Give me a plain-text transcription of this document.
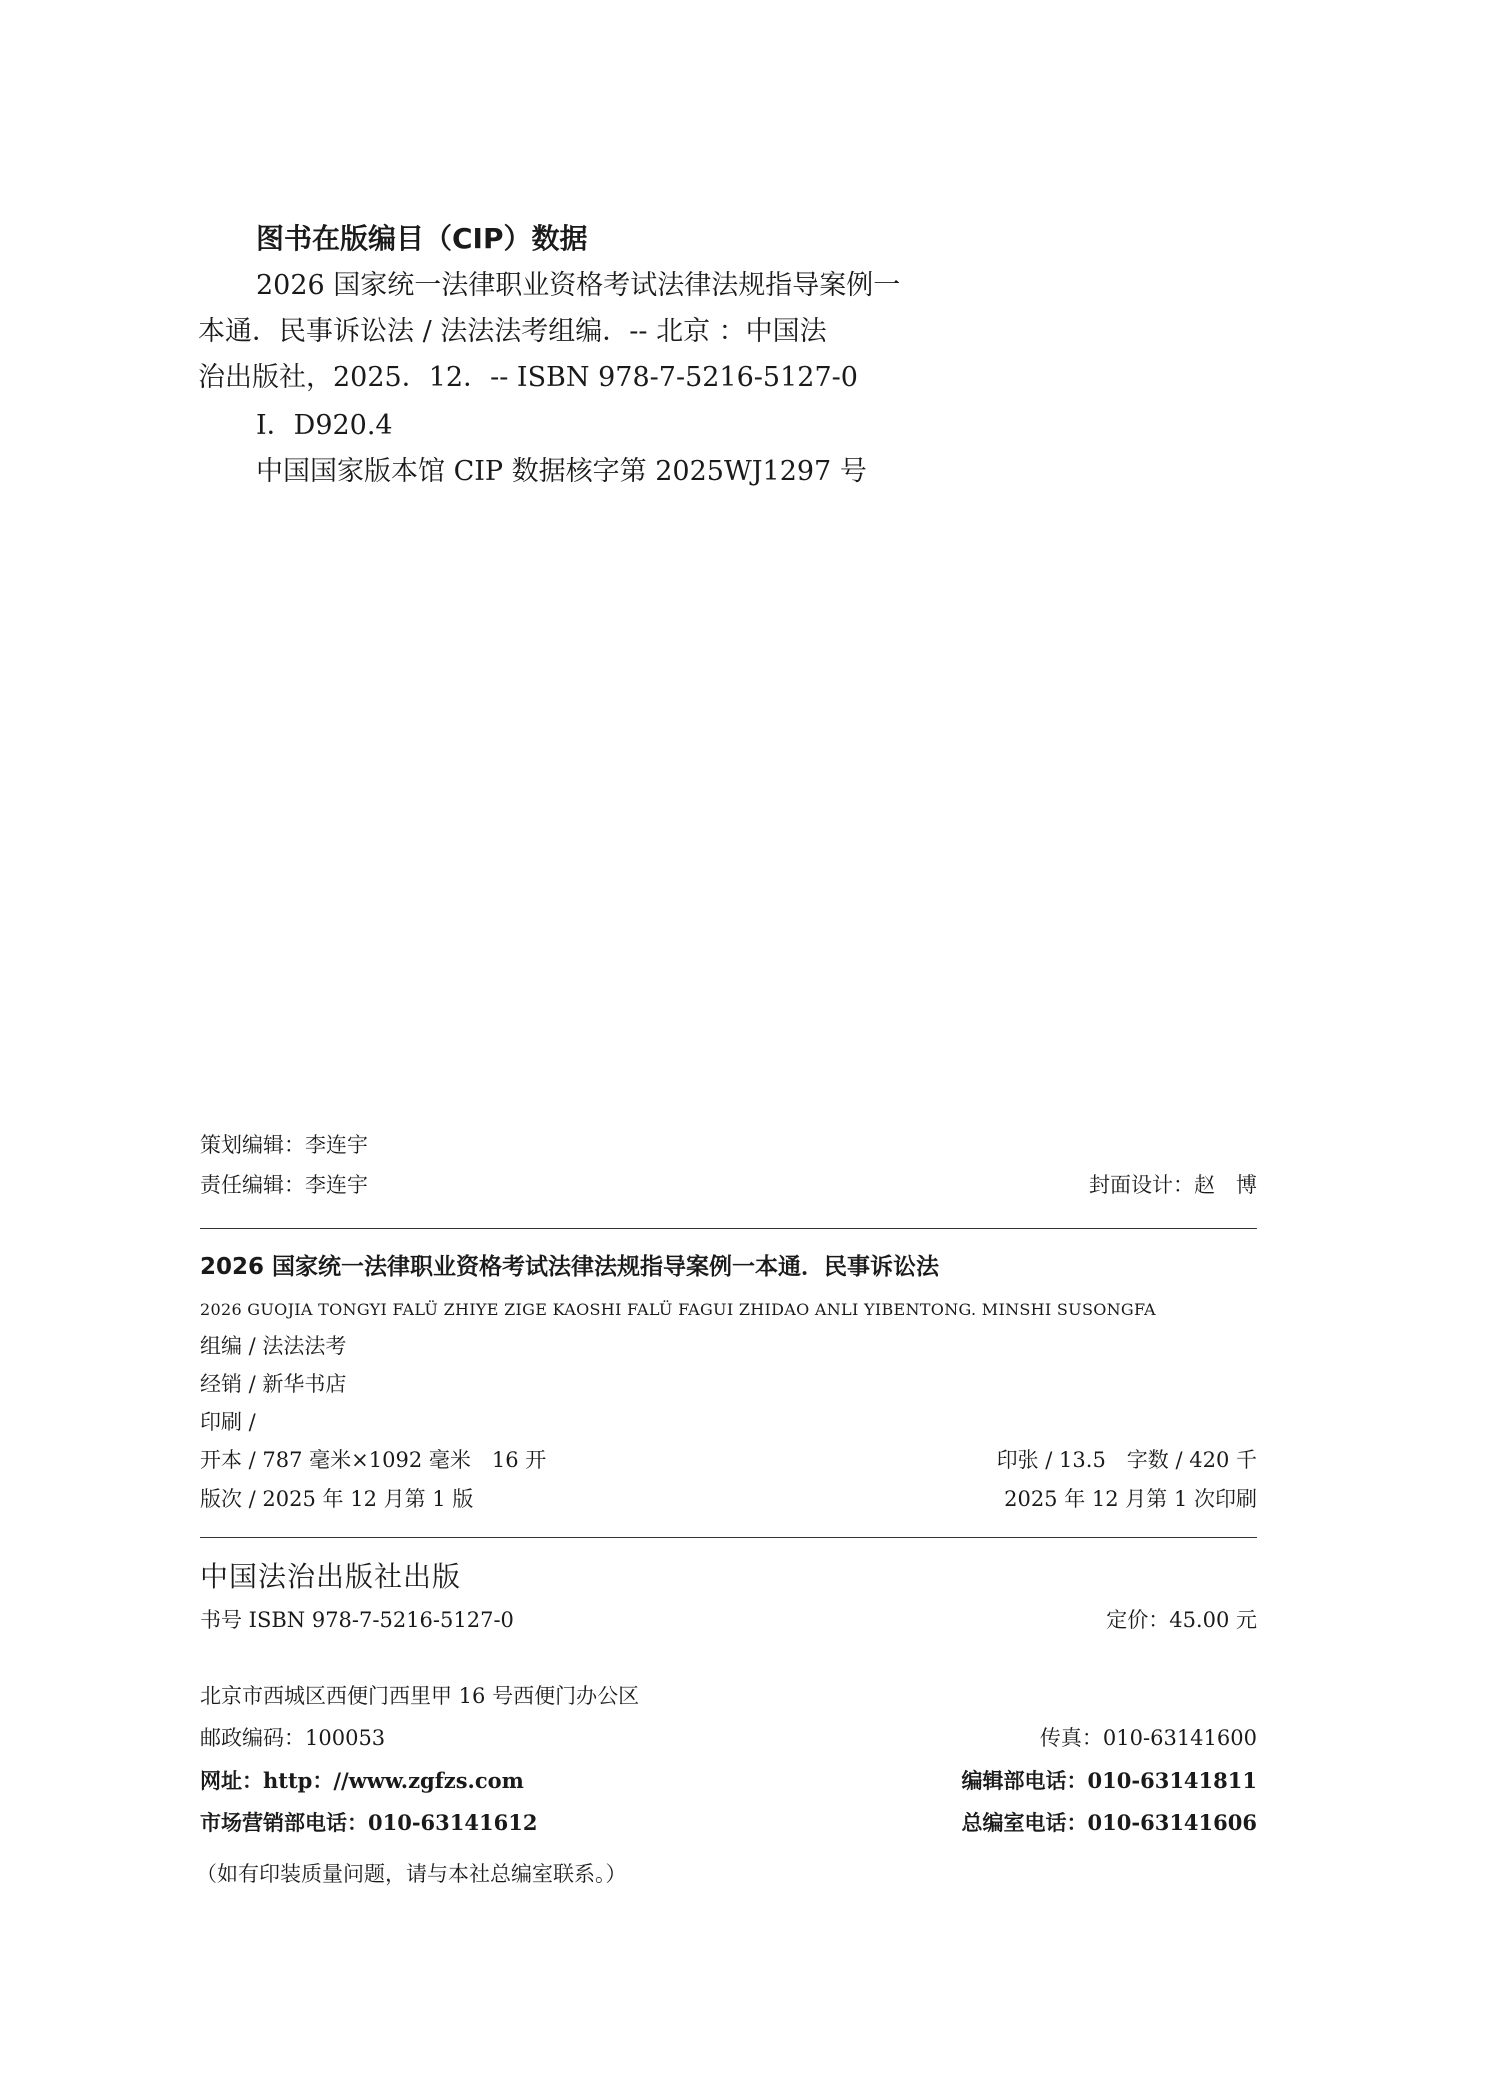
图书在版编目（CIP）数据
2026 国家统一法律职业资格考试法律法规指导案例一
本通．民事诉讼法 / 法法法考组编．-- 北京 ：中国法
治出版社，2025．12．-- ISBN 978-7-5216-5127-0
Ⅰ．D920.4
中国国家版本馆 CIP 数据核字第 2025WJ1297 号
策划编辑：李连宇
责任编辑：李连宇	封面设计：赵　博
2026 国家统一法律职业资格考试法律法规指导案例一本通．民事诉讼法
2026 GUOJIA TONGYI FALÜ ZHIYE ZIGE KAOSHI FALÜ FAGUI ZHIDAO ANLI YIBENTONG. MINSHI SUSONGFA
组编 / 法法法考
经销 / 新华书店
印刷 /
开本 / 787 毫米×1092 毫米　16 开	印张 / 13.5　字数 / 420 千
版次 / 2025 年 12 月第 1 版	2025 年 12 月第 1 次印刷
中国法治出版社出版
书号 ISBN 978-7-5216-5127-0	定价：45.00 元
北京市西城区西便门西里甲 16 号西便门办公区
邮政编码：100053	传真：010-63141600
网址：http：//www.zgfzs.com	编辑部电话：010-63141811
市场营销部电话：010-63141612	总编室电话：010-63141606
（如有印装质量问题，请与本社总编室联系。）
